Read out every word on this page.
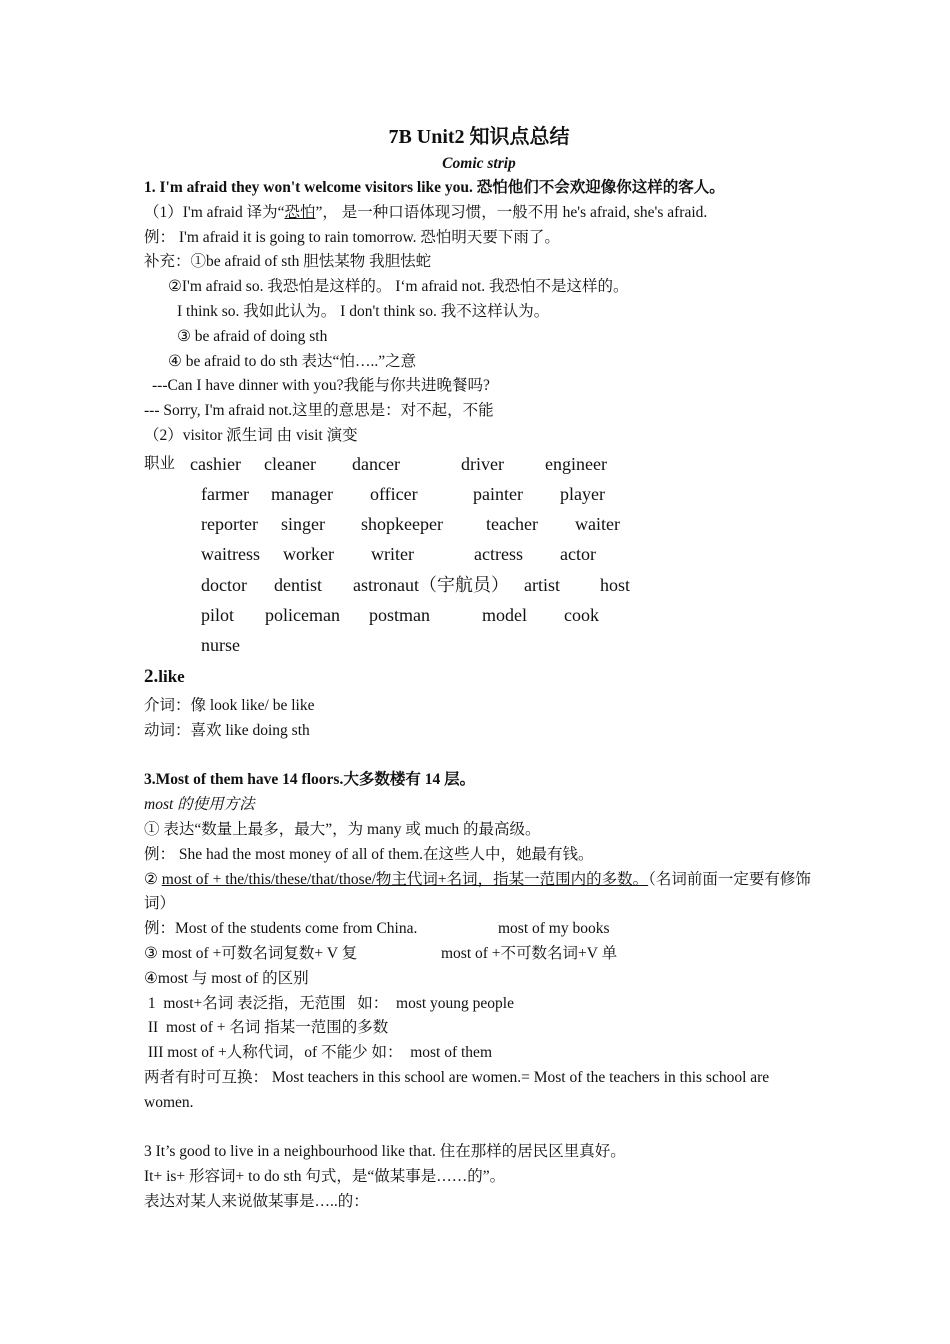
7B Unit2 知识点总结
Comic strip
1. I'm afraid they won't welcome visitors like you. 恐怕他们不会欢迎像你这样的客人。
（1）I'm afraid 译为“恐怕”， 是一种口语体现习惯，一般不用 he's afraid, she's afraid.
例： I'm afraid it is going to rain tomorrow. 恐怕明天要下雨了。
补充：①be afraid of sth 胆怯某物 我胆怯蛇
②I'm afraid so. 我恐怕是这样的。 I‘m afraid not. 我恐怕不是这样的。
I think so. 我如此认为。 I don't think so. 我不这样认为。
③ be afraid of doing sth
④ be afraid to do sth 表达“怕…..”之意
---Can I have dinner with you?我能与你共进晚餐吗?
--- Sorry, I'm afraid not.这里的意思是：对不起，不能
（2）visitor 派生词 由 visit 演变
职业 cashier	cleaner	dancer	driver	engineer
farmer	manager	officer	painter	player
reporter	singer	shopkeeper	teacher	waiter
waitress	worker	writer	actress	actor
doctor	dentist	astronaut（宇航员） artist	host
pilot	policeman	postman	model	cook
nurse
2.like
介词：像 look like/ be like
动词：喜欢 like doing sth
3.Most of them have 14 floors.大多数楼有 14 层。
most 的使用方法
① 表达“数量上最多，最大”，为 many 或 much 的最高级。
例： She had the most money of all of them.在这些人中，她最有钱。
② most of + the/this/these/that/those/物主代词+名词，指某一范围内的多数。（名词前面一定要有修饰词）
例：Most of the students come from China.	most of my books
③ most of +可数名词复数+ V 复	most of +不可数名词+V 单
④most 与 most of 的区别
1  most+名词 表泛指，无范围   如：  most young people
II  most of + 名词 指某一范围的多数
III most of +人称代词，of 不能少 如：  most of them
两者有时可互换： Most teachers in this school are women.= Most of the teachers in this school are women.
3 It’s good to live in a neighbourhood like that. 住在那样的居民区里真好。
It+ is+ 形容词+ to do sth 句式，是“做某事是……的”。
表达对某人来说做某事是…..的：
